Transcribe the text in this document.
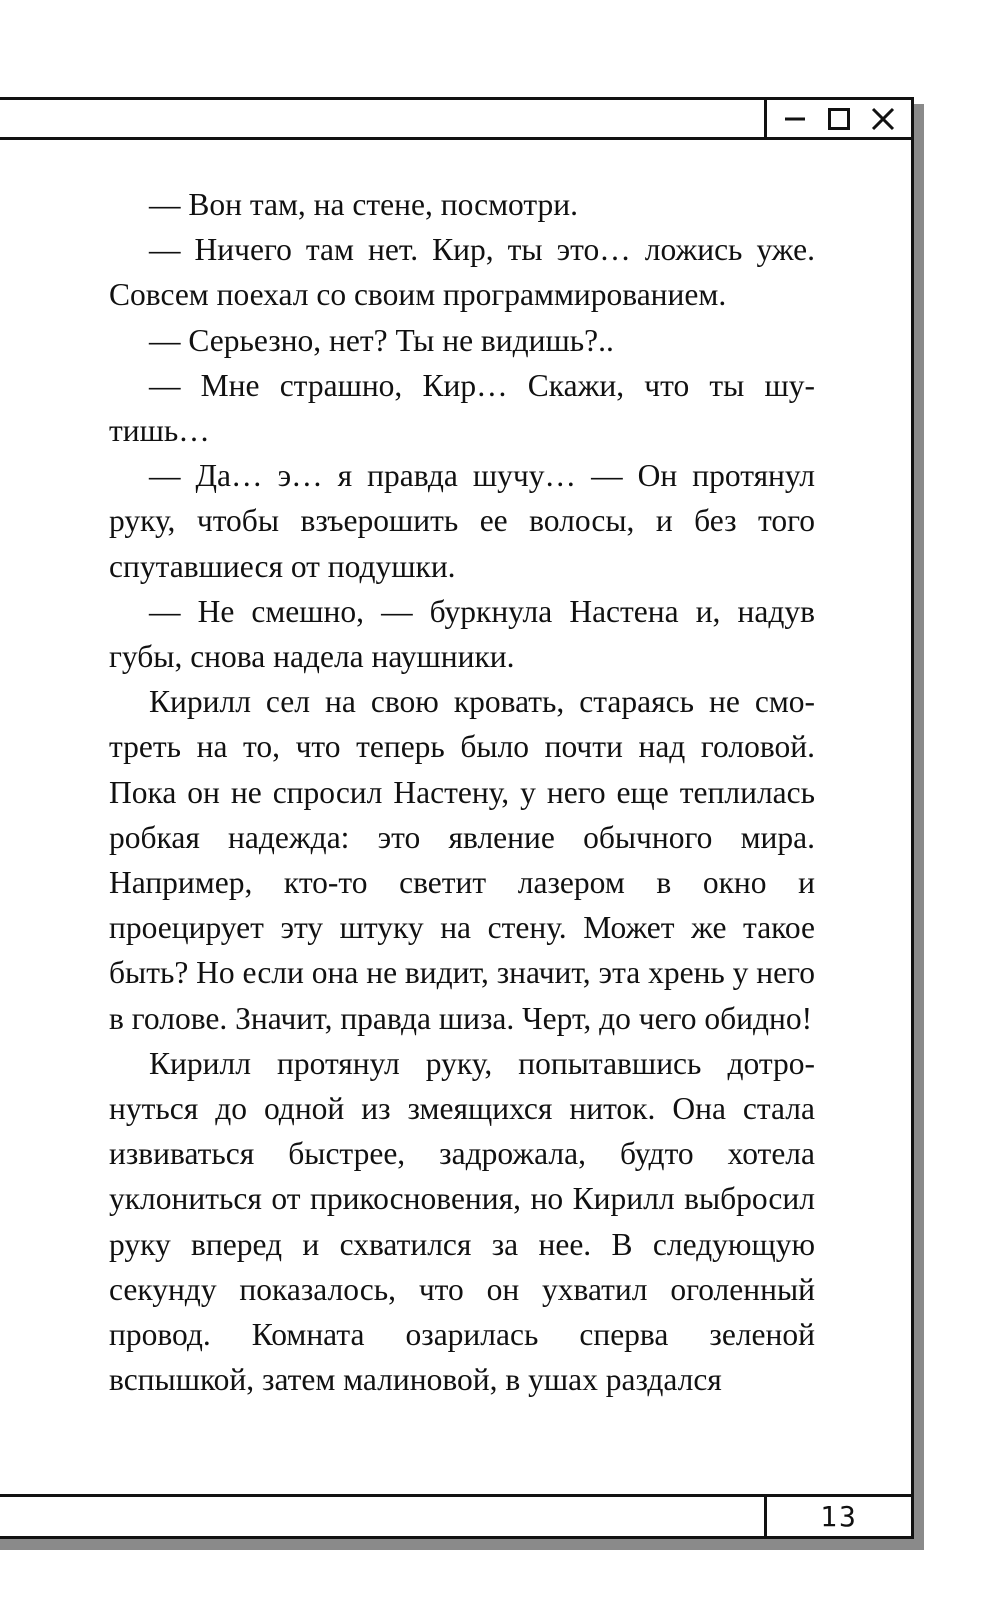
— Вон там, на стене, посмотри.

— Ничего там нет. Кир, ты это… ложись уже. Совсем поехал со своим программированием.

— Серьезно, нет? Ты не видишь?..

— Мне страшно, Кир… Скажи, что ты шутишь…

— Да… э… я правда шучу… — Он протянул руку, чтобы взъерошить ее волосы, и без того спутавшиеся от подушки.

— Не смешно, — буркнула Настена и, надув губы, снова надела наушники.

Кирилл сел на свою кровать, стараясь не смотреть на то, что теперь было почти над головой. Пока он не спросил Настену, у него еще теплилась робкая надежда: это явление обычного мира. Например, кто-то светит лазером в окно и проецирует эту штуку на стену. Может же такое быть? Но если она не видит, значит, эта хрень у него в голове. Значит, правда шиза. Черт, до чего обидно!

Кирилл протянул руку, попытавшись дотронуться до одной из змеящихся ниток. Она стала извиваться быстрее, задрожала, будто хотела уклониться от прикосновения, но Кирилл выбросил руку вперед и схватился за нее. В следующую секунду показалось, что он ухватил оголенный провод. Комната озарилась сперва зеленой вспышкой, затем малиновой, в ушах раздался

13
